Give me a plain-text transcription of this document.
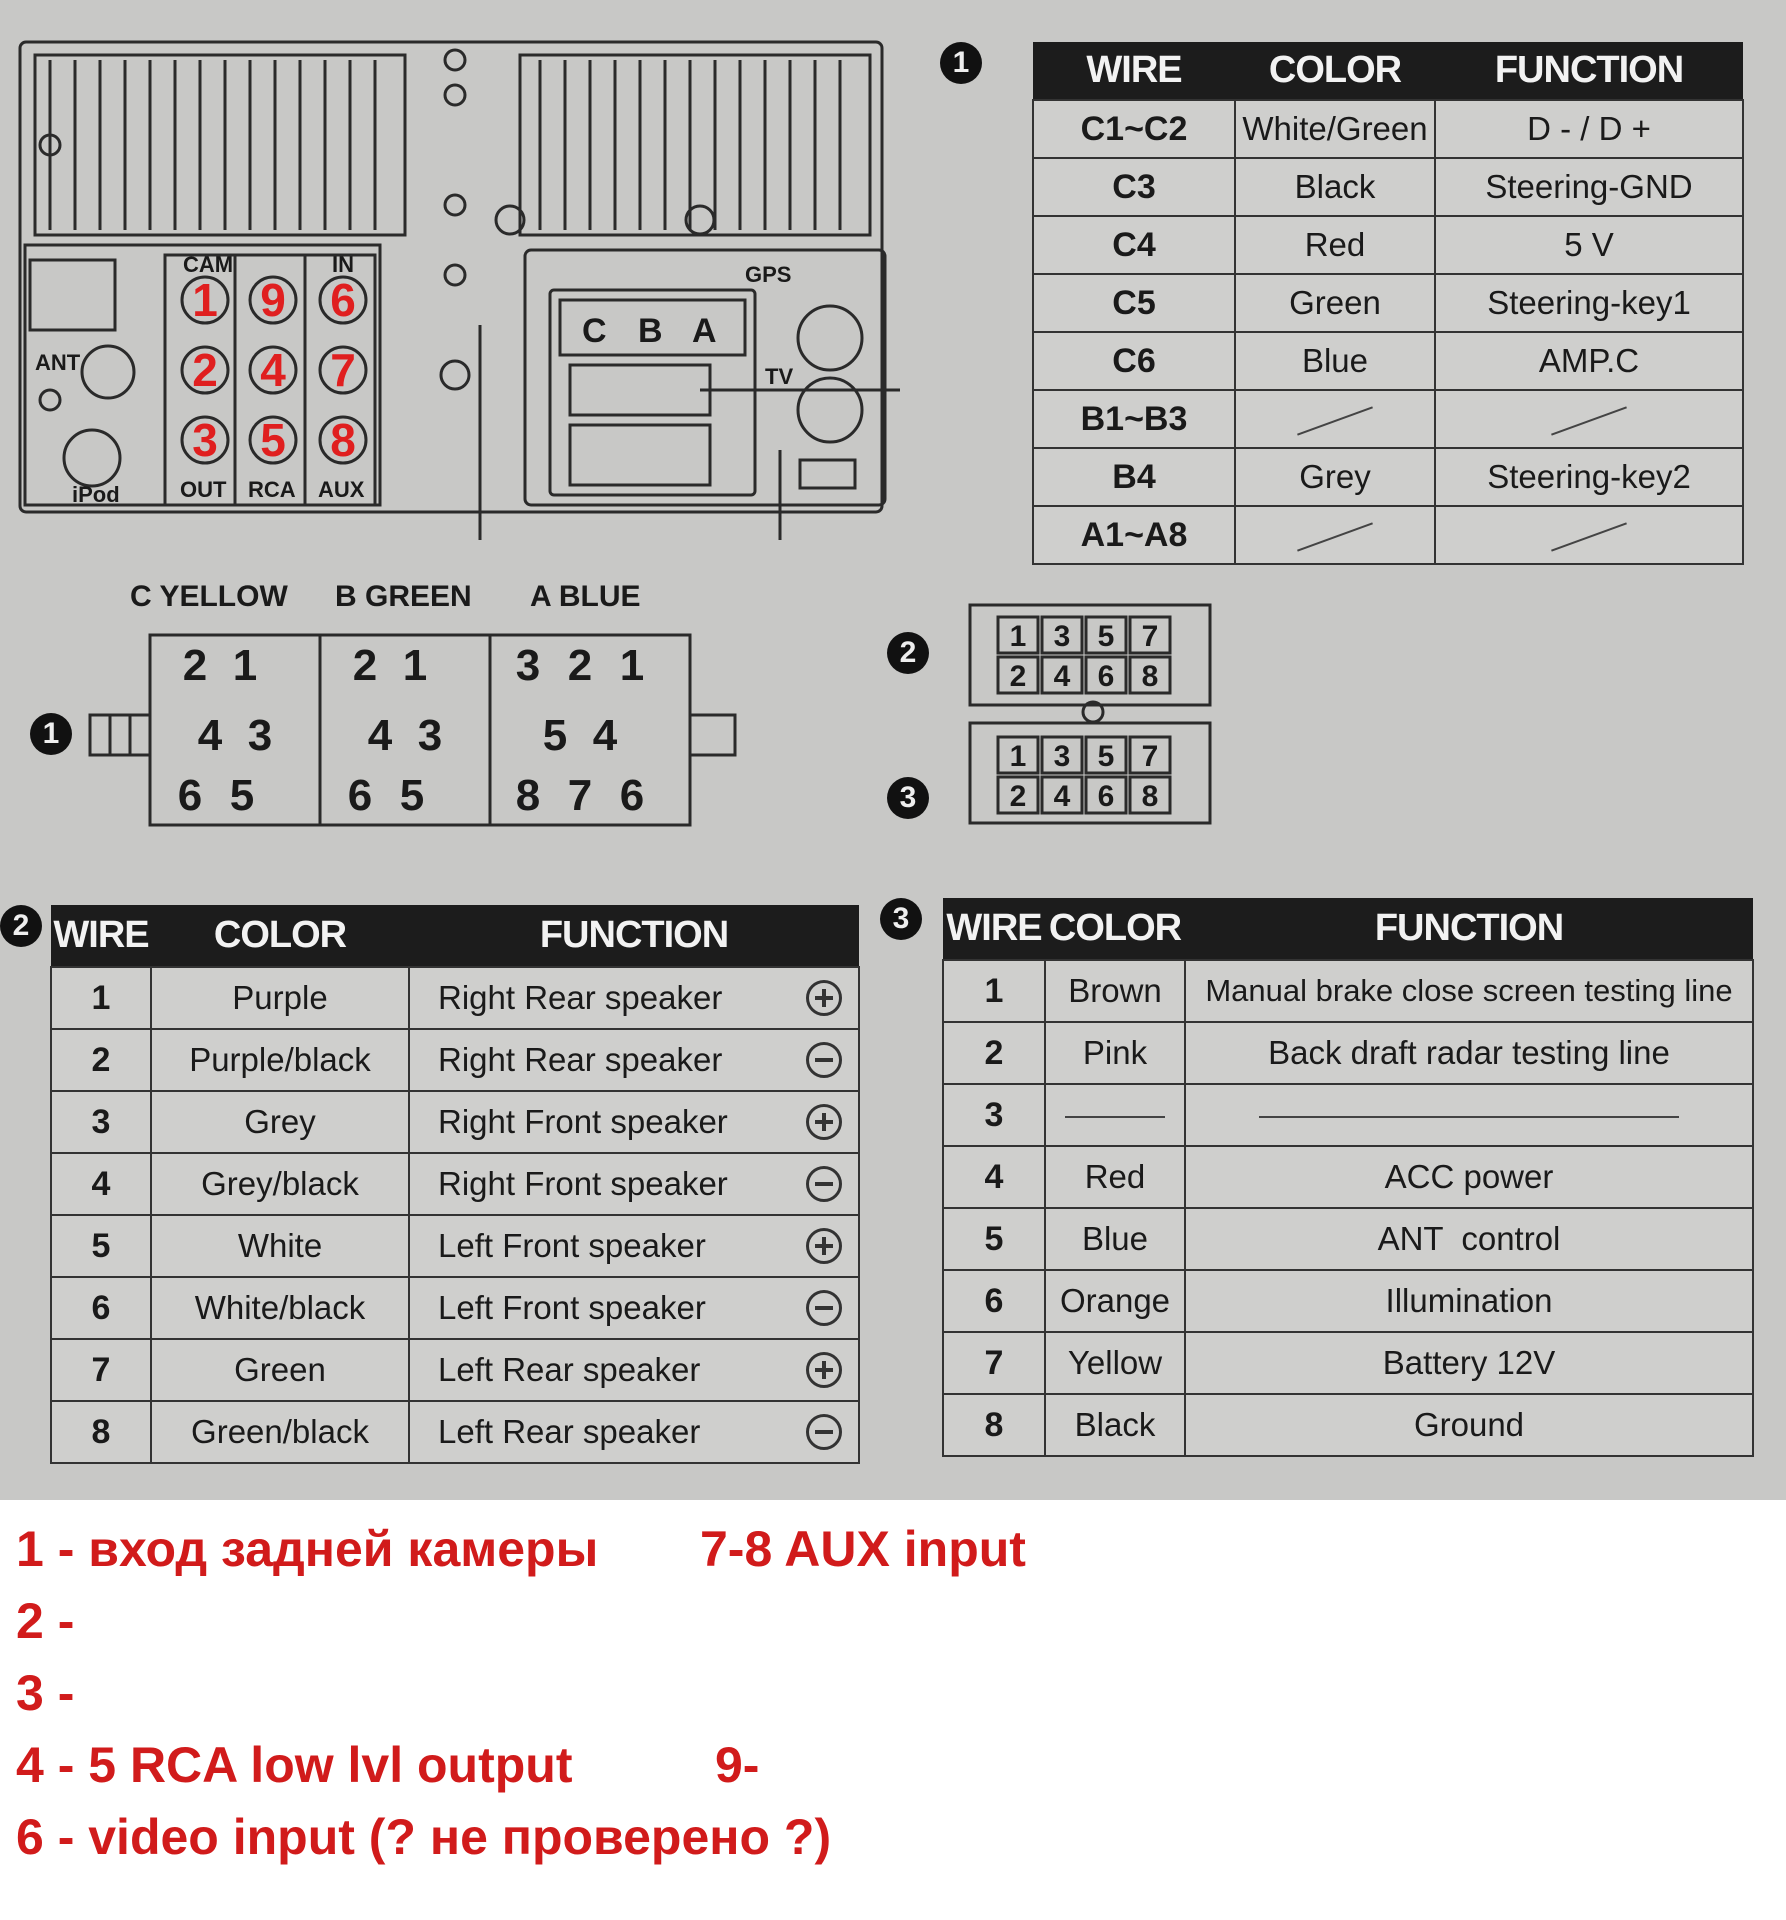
CAM	IN
ANT
iPod	OUT RCA AUX
GPS
TV
C B A
1 9 6
2 4 7
3 5 8
1	WIRE	COLOR	FUNCTION
C1~C2	White/Green	D - / D +
C3	Black	Steering-GND
C4	Red	5 V
C5	Green	Steering-key1
C6	Blue	AMP.C
B1~B3		
B4	Grey	Steering-key2
A1~A8		
C YELLOW B GREEN A BLUE
2 1
4 3
6 5
2 1
4 3
6 5
3 2 1
5 4
8 7 6
1
1 3 5 7
2 4 6 8
1 3 5 7
2 4 6 8
2
3
2 WIRE	COLOR	FUNCTION
1	Purple	Right Rear speaker

2	Purple/black	Right Rear speaker

3	Grey	Right Front speaker

4	Grey/black	Right Front speaker

5	White	Left Front speaker

6	White/black	Left Front speaker

7	Green	Left Rear speaker

8	Green/black	Left Rear speaker
3 WIRE	COLOR	FUNCTION
1	Brown	Manual brake close screen testing line
2	Pink	Back draft radar testing line
3		
4	Red	ACC power
5	Blue	ANT  control
6	Orange	Illumination
7	Yellow	Battery 12V
8	Black	Ground
1 - вход задней камеры 7-8 AUX input
2 -
3 -
4 - 5 RCA low lvl output	9-
6 - video input (? не проверено ?)
